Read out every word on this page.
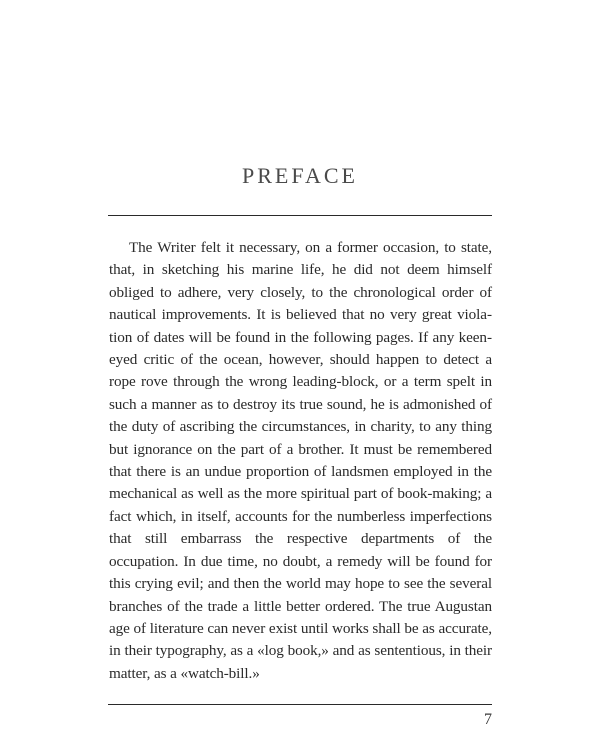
PREFACE

The Writer felt it necessary, on a former occasion, to state, that, in sketching his marine life, he did not deem himself obliged to adhere, very closely, to the chronological order of nautical improvements. It is believed that no very great violation of dates will be found in the following pages. If any keeneyed critic of the ocean, however, should happen to detect a rope rove through the wrong leading-block, or a term spelt in such a manner as to destroy its true sound, he is admonished of the duty of ascribing the circumstances, in charity, to any thing but ignorance on the part of a brother. It must be remembered that there is an undue proportion of landsmen employed in the mechanical as well as the more spiritual part of book-making; a fact which, in itself, accounts for the numberless imperfections that still embarrass the respective departments of the occupation. In due time, no doubt, a remedy will be found for this crying evil; and then the world may hope to see the several branches of the trade a little better ordered. The true Augustan age of literature can never exist until works shall be as accurate, in their typography, as a «log book,» and as sententious, in their matter, as a «watch-bill.»

7
